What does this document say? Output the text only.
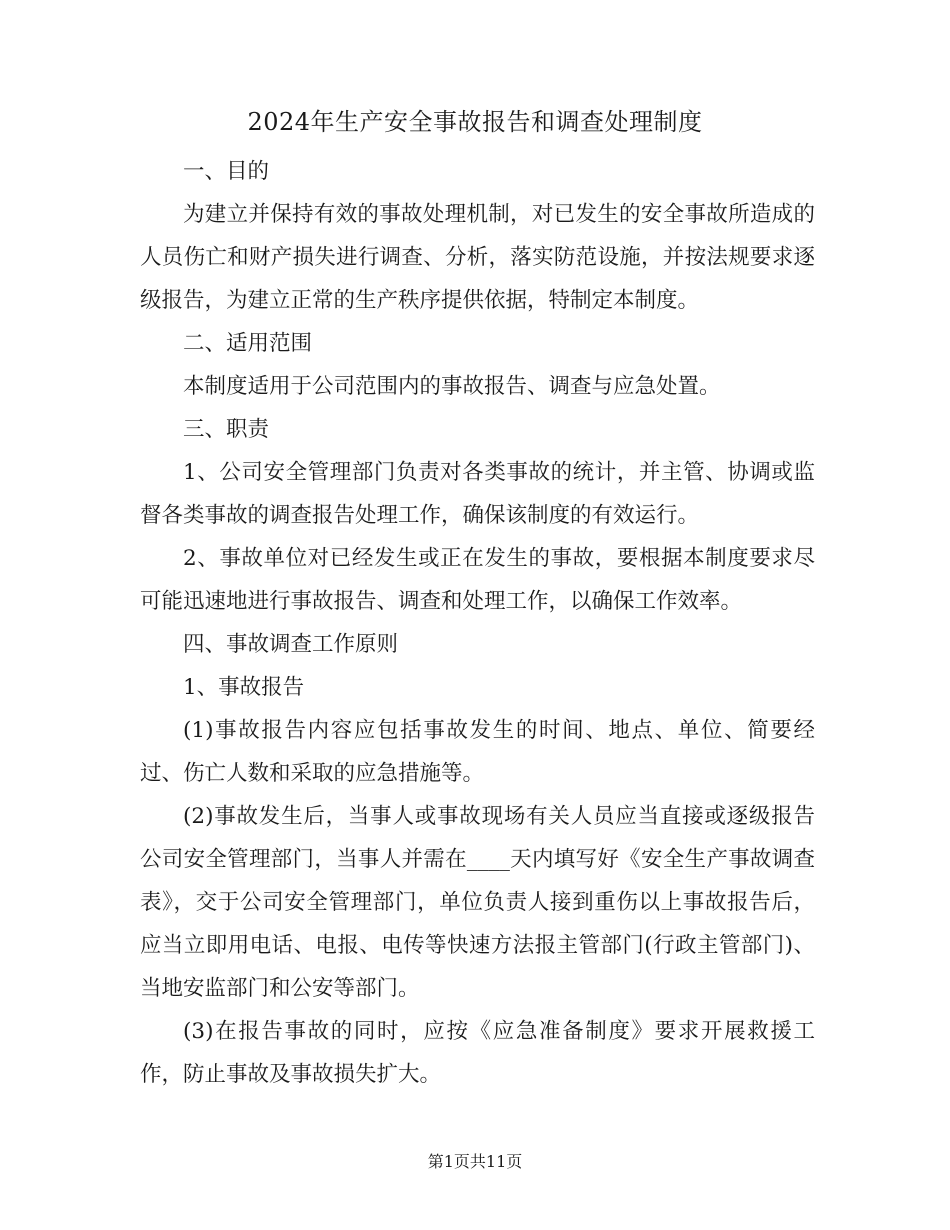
2024年生产安全事故报告和调查处理制度

一、目的

为建立并保持有效的事故处理机制，对已发生的安全事故所造成的人员伤亡和财产损失进行调查、分析，落实防范设施，并按法规要求逐级报告，为建立正常的生产秩序提供依据，特制定本制度。

二、适用范围

本制度适用于公司范围内的事故报告、调查与应急处置。

三、职责

1、公司安全管理部门负责对各类事故的统计，并主管、协调或监督各类事故的调查报告处理工作，确保该制度的有效运行。

2、事故单位对已经发生或正在发生的事故，要根据本制度要求尽可能迅速地进行事故报告、调查和处理工作，以确保工作效率。

四、事故调查工作原则

1、事故报告

(1)事故报告内容应包括事故发生的时间、地点、单位、简要经过、伤亡人数和采取的应急措施等。

(2)事故发生后，当事人或事故现场有关人员应当直接或逐级报告公司安全管理部门，当事人并需在____天内填写好《安全生产事故调查表》，交于公司安全管理部门，单位负责人接到重伤以上事故报告后，应当立即用电话、电报、电传等快速方法报主管部门(行政主管部门)、当地安监部门和公安等部门。

(3)在报告事故的同时，应按《应急准备制度》要求开展救援工作，防止事故及事故损失扩大。

第1页共11页
